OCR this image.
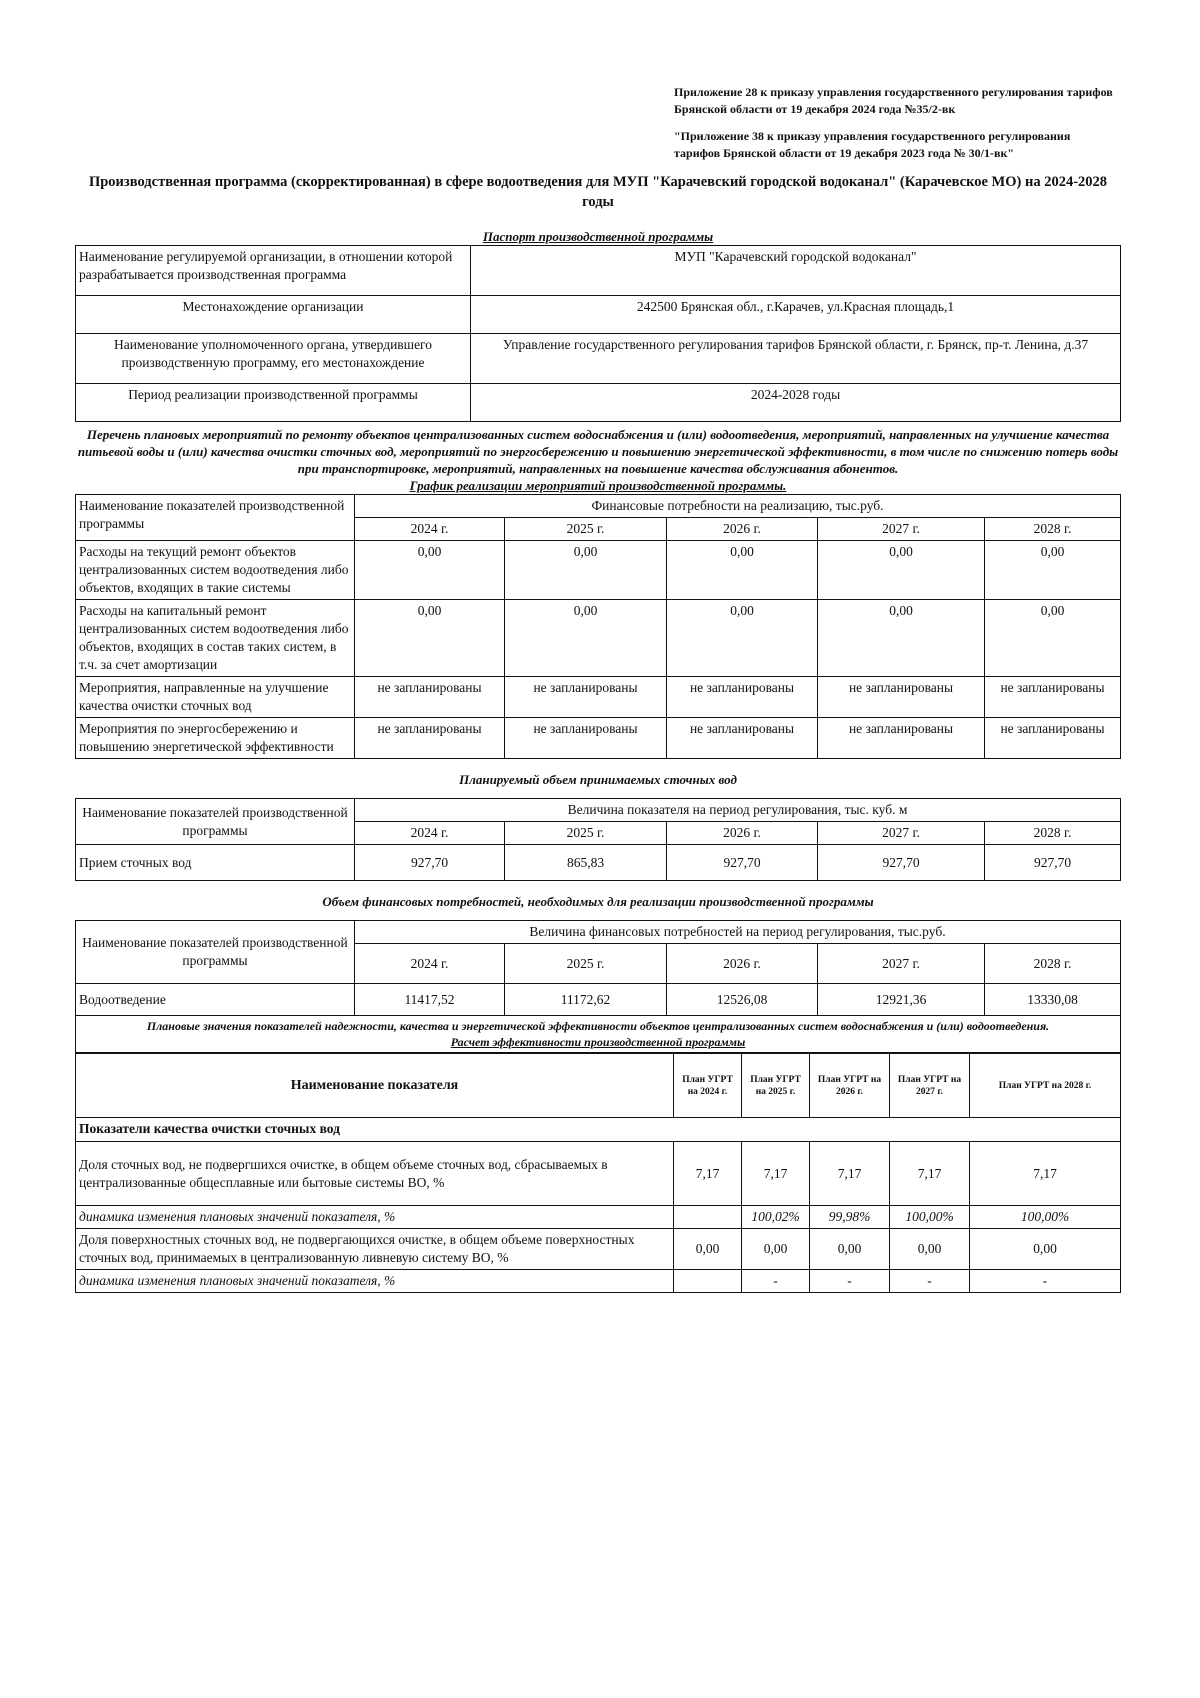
Приложение 28 к приказу управления государственного регулирования тарифов Брянской области от 19 декабря 2024 года №35/2-вк

"Приложение 38 к приказу управления государственного регулирования тарифов Брянской области от 19 декабря 2023 года № 30/1-вк"

Производственная программа (скорректированная) в сфере водоотведения для МУП "Карачевский городской водоканал" (Карачевское МО) на 2024-2028 годы
Паспорт производственной программы
Наименование регулируемой организации, в отношении которой разрабатывается производственная программа	МУП "Карачевский городской водоканал"
Местонахождение организации	242500 Брянская обл., г.Карачев, ул.Красная площадь,1
Наименование уполномоченного органа, утвердившего производственную программу, его местонахождение	Управление государственного регулирования тарифов Брянской области, г. Брянск, пр-т. Ленина, д.37
Период реализации производственной программы	2024-2028 годы
Перечень плановых мероприятий по ремонту объектов централизованных систем водоснабжения и (или) водоотведения, мероприятий, направленных на улучшение качества питьевой воды и (или) качества очистки сточных вод, мероприятий по энергосбережению и повышению энергетической эффективности, в том числе по снижению потерь воды при транспортировке, мероприятий, направленных на повышение качества обслуживания абонентов.
График реализации мероприятий производственной программы.
Наименование показателей производственной программы	Финансовые потребности на реализацию, тыс.руб.				
	2024 г.	2025 г.	2026 г.	2027 г.	2028 г.
Расходы на текущий ремонт объектов централизованных систем водоотведения либо объектов, входящих в такие системы	0,00	0,00	0,00	0,00	0,00
Расходы на капитальный ремонт централизованных систем водоотведения либо объектов, входящих в состав таких систем, в т.ч. за счет амортизации	0,00	0,00	0,00	0,00	0,00
Мероприятия, направленные на улучшение качества очистки сточных вод	не запланированы	не запланированы	не запланированы	не запланированы	не запланированы
Мероприятия по энергосбережению и повышению энергетической эффективности	не запланированы	не запланированы	не запланированы	не запланированы	не запланированы
Планируемый объем принимаемых сточных вод
Наименование показателей производственной программы	Величина показателя на период регулирования, тыс. куб. м				
	2024 г.	2025 г.	2026 г.	2027 г.	2028 г.
Прием сточных вод	927,70	865,83	927,70	927,70	927,70
Объем финансовых потребностей, необходимых для реализации производственной программы
Наименование показателей производственной программы	Величина финансовых потребностей на период регулирования, тыс.руб.				
	2024 г.	2025 г.	2026 г.	2027 г.	2028 г.
Водоотведение	11417,52	11172,62	12526,08	12921,36	13330,08

Плановые значения показателей надежности, качества и энергетической эффективности объектов централизованных систем водоснабжения и (или) водоотведения.
Расчет эффективности производственной программы					
Наименование показателя	План УГРТ на 2024 г.	План УГРТ на 2025 г.	План УГРТ на 2026 г.	План УГРТ на 2027 г.	План УГРТ на 2028 г.
Показатели качества очистки сточных вод					
Доля сточных вод, не подвергшихся очистке, в общем объеме сточных вод, сбрасываемых в централизованные общесплавные или бытовые системы ВО, %	7,17	7,17	7,17	7,17	7,17
динамика изменения плановых значений показателя, %		100,02%	99,98%	100,00%	100,00%
Доля поверхностных сточных вод, не подвергающихся очистке, в общем объеме поверхностных сточных вод, принимаемых в централизованную ливневую систему ВО, %	0,00	0,00	0,00	0,00	0,00
динамика изменения плановых значений показателя, %		-	-	-	-
